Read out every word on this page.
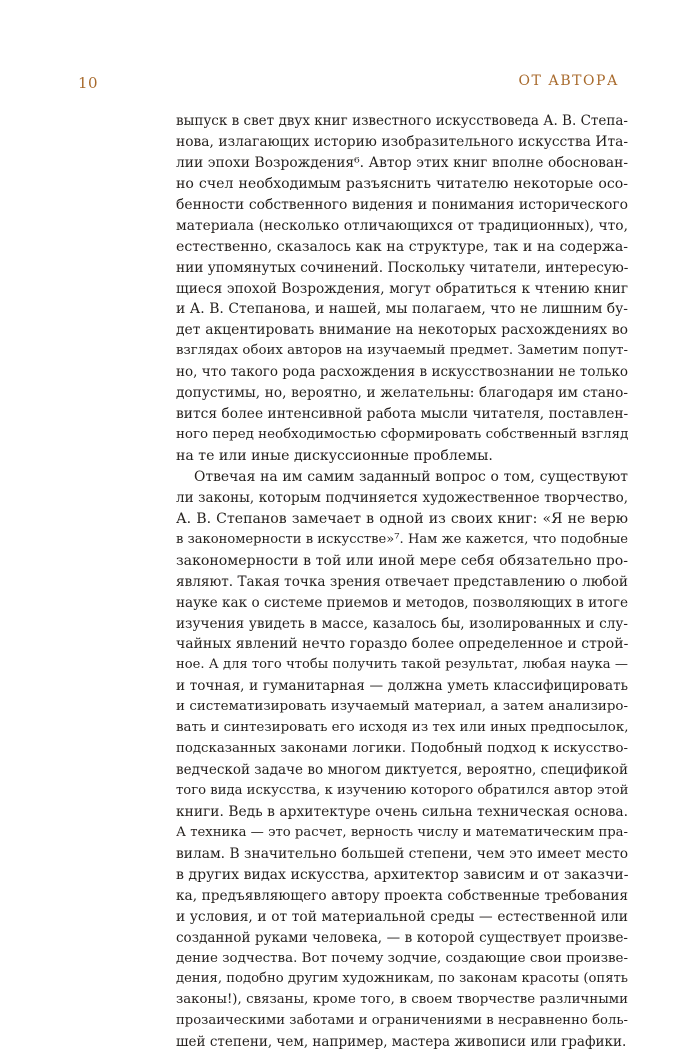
10	ОТ АВТОРА
выпуск в свет двух книг известного искусствоведа А. В. Степа-
нова, излагающих историю изобразительного искусства Ита-
лии эпохи Возрождения⁶. Автор этих книг вполне обоснован-
но счел необходимым разъяснить читателю некоторые осо-
бенности собственного видения и понимания исторического
материала (несколько отличающихся от традиционных), что,
естественно, сказалось как на структуре, так и на содержа-
нии упомянутых сочинений. Поскольку читатели, интересую-
щиеся эпохой Возрождения, могут обратиться к чтению книг
и А. В. Степанова, и нашей, мы полагаем, что не лишним бу-
дет акцентировать внимание на некоторых расхождениях во
взглядах обоих авторов на изучаемый предмет. Заметим попут-
но, что такого рода расхождения в искусствознании не только
допустимы, но, вероятно, и желательны: благодаря им стано-
вится более интенсивной работа мысли читателя, поставлен-
ного перед необходимостью сформировать собственный взгляд
на те или иные дискуссионные проблемы.
Отвечая на им самим заданный вопрос о том, существуют
ли законы, которым подчиняется художественное творчество,
А. В. Степанов замечает в одной из своих книг: «Я не верю
в закономерности в искусстве»⁷. Нам же кажется, что подобные
закономерности в той или иной мере себя обязательно про-
являют. Такая точка зрения отвечает представлению о любой
науке как о системе приемов и методов, позволяющих в итоге
изучения увидеть в массе, казалось бы, изолированных и слу-
чайных явлений нечто гораздо более определенное и строй-
ное. А для того чтобы получить такой результат, любая наука —
и точная, и гуманитарная — должна уметь классифицировать
и систематизировать изучаемый материал, а затем анализиро-
вать и синтезировать его исходя из тех или иных предпосылок,
подсказанных законами логики. Подобный подход к искусство-
ведческой задаче во многом диктуется, вероятно, спецификой
того вида искусства, к изучению которого обратился автор этой
книги. Ведь в архитектуре очень сильна техническая основа.
А техника — это расчет, верность числу и математическим пра-
вилам. В значительно большей степени, чем это имеет место
в других видах искусства, архитектор зависим и от заказчи-
ка, предъявляющего автору проекта собственные требования
и условия, и от той материальной среды — естественной или
созданной руками человека, — в которой существует произве-
дение зодчества. Вот почему зодчие, создающие свои произве-
дения, подобно другим художникам, по законам красоты (опять
законы!), связаны, кроме того, в своем творчестве различными
прозаическими заботами и ограничениями в несравненно боль-
шей степени, чем, например, мастера живописи или графики.
